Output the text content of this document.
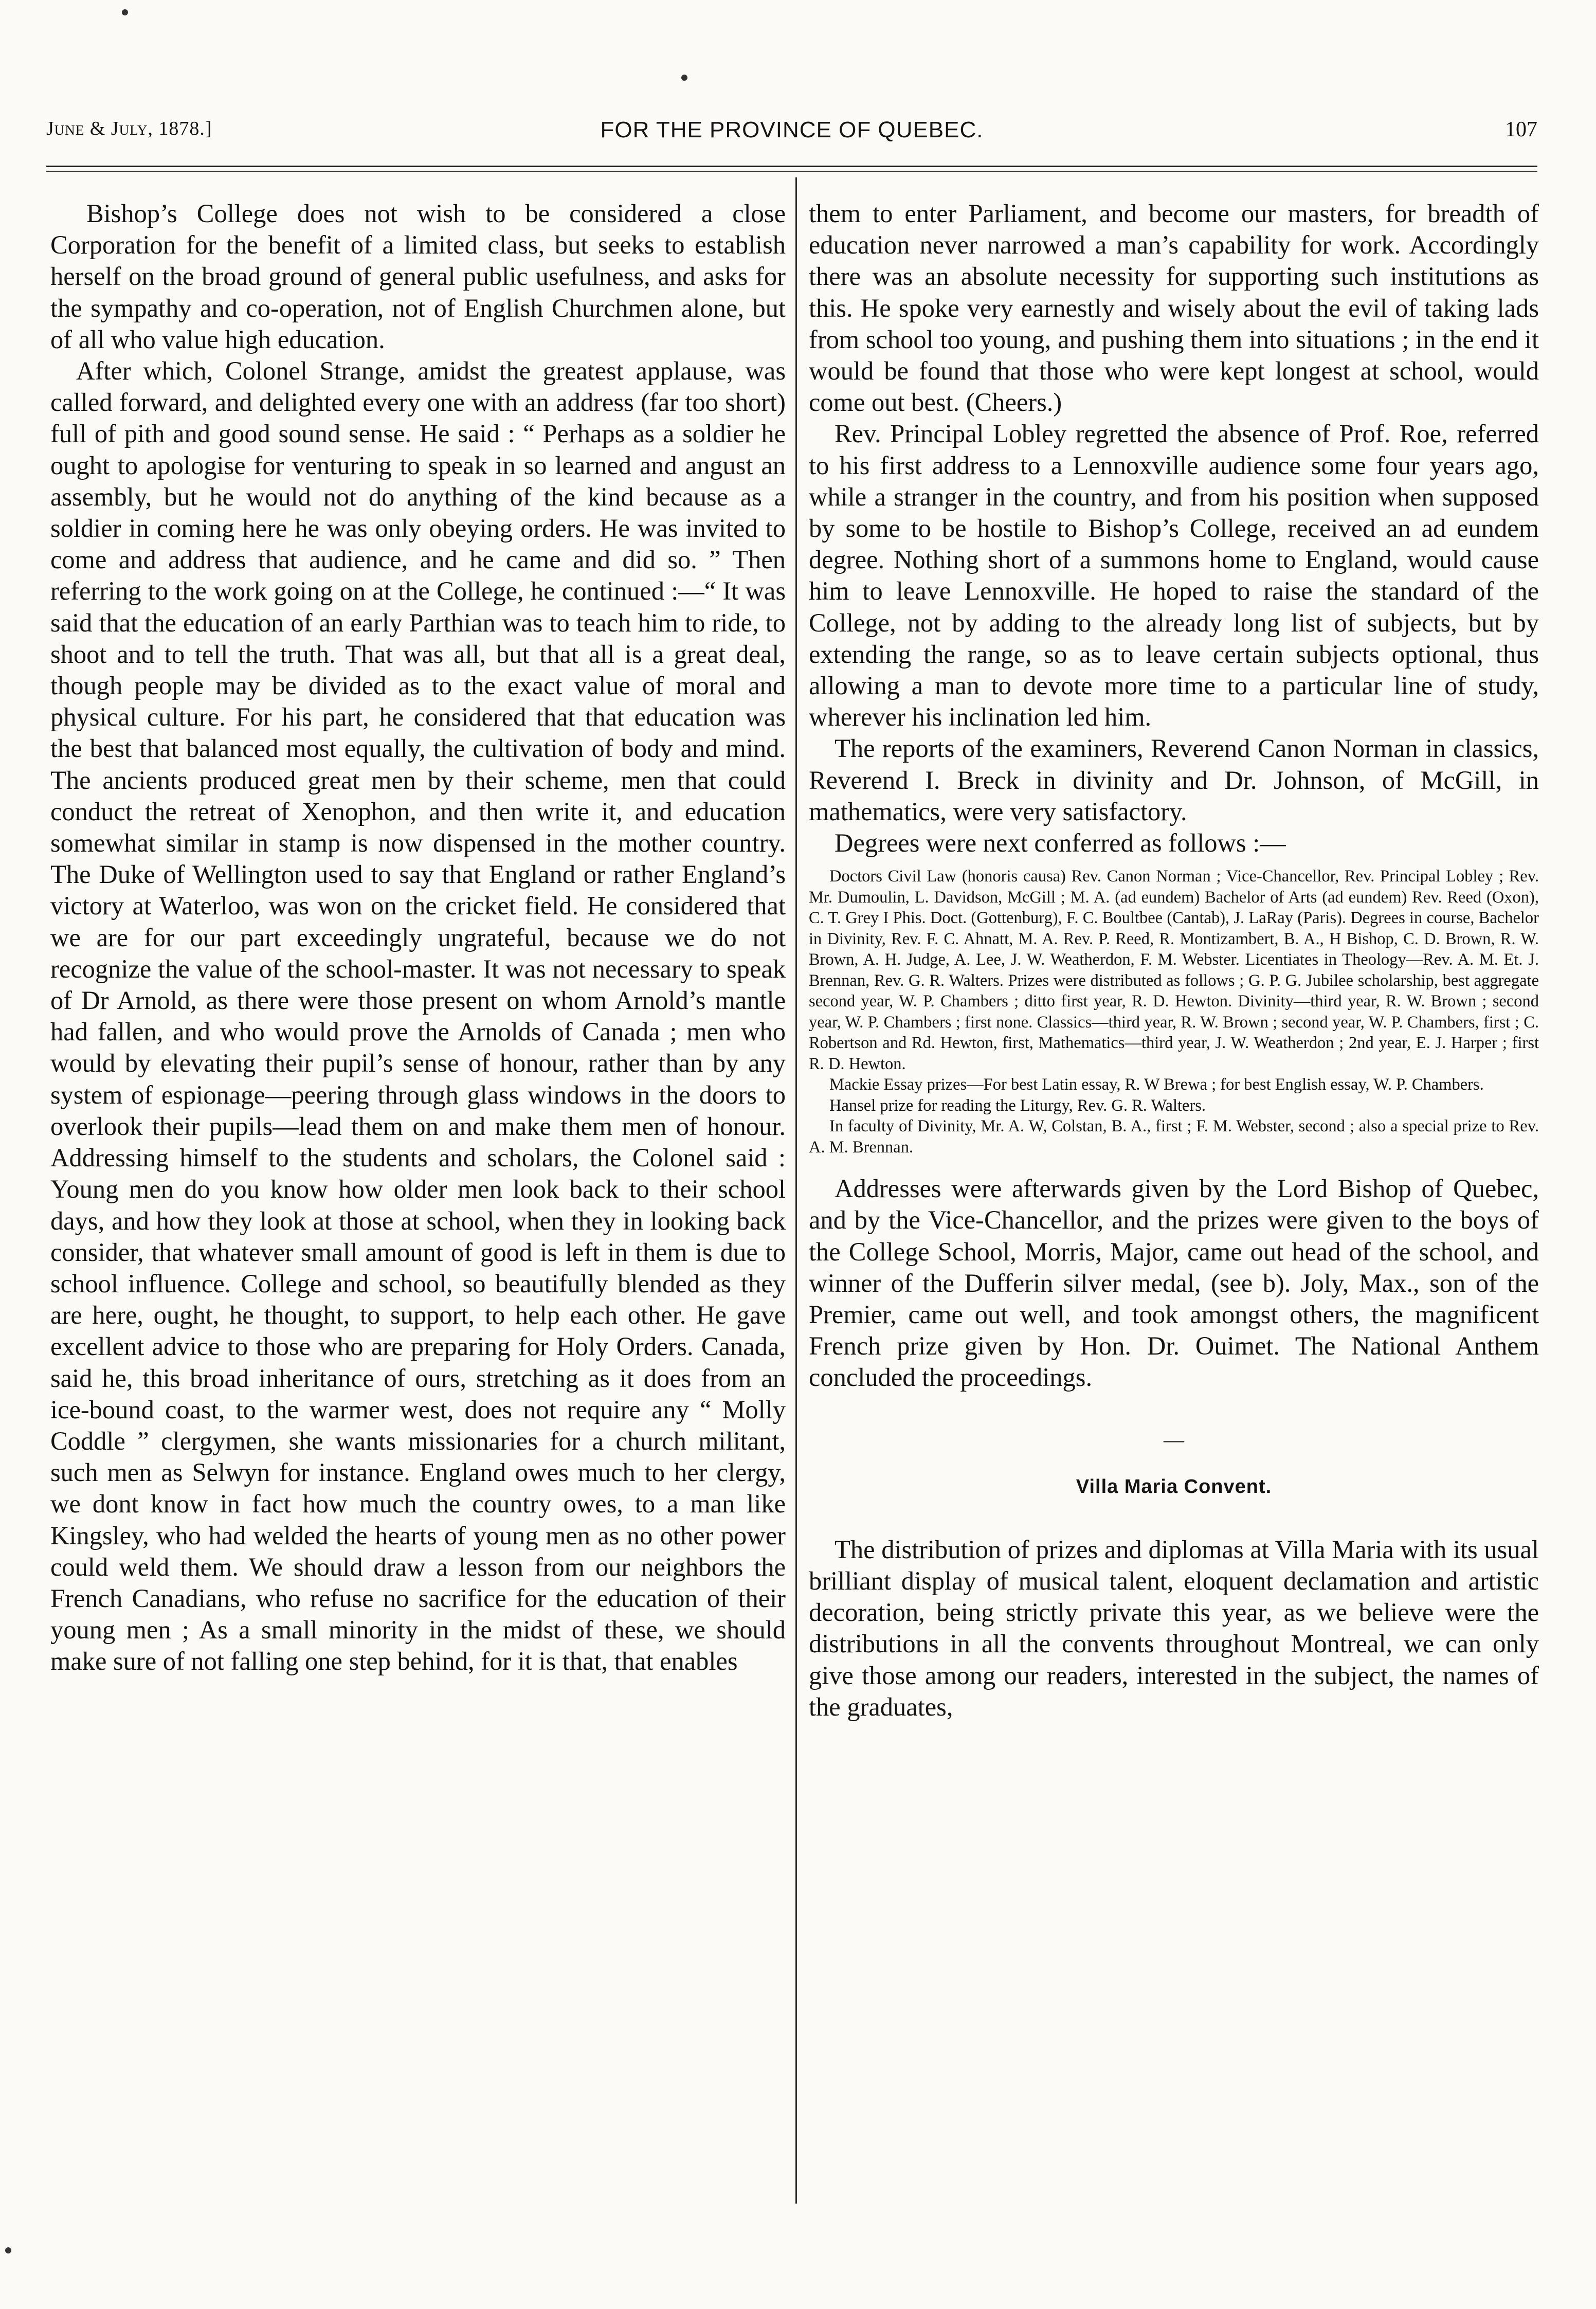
June & July, 1878.]	FOR THE PROVINCE OF QUEBEC.	107

Bishop’s College does not wish to be considered a close Corporation for the benefit of a limited class, but seeks to establish herself on the broad ground of general public usefulness, and asks for the sympathy and co-operation, not of English Churchmen alone, but of all who value high education.

After which, Colonel Strange, amidst the greatest applause, was called forward, and delighted every one with an address (far too short) full of pith and good sound sense. He said : “ Perhaps as a soldier he ought to apologise for venturing to speak in so learned and angust an assembly, but he would not do anything of the kind because as a soldier in coming here he was only obeying orders. He was invited to come and address that audience, and he came and did so. ” Then referring to the work going on at the College, he continued :—“ It was said that the education of an early Parthian was to teach him to ride, to shoot and to tell the truth. That was all, but that all is a great deal, though people may be divided as to the exact value of moral and physical culture. For his part, he considered that that education was the best that balanced most equally, the cultivation of body and mind. The ancients produced great men by their scheme, men that could conduct the retreat of Xenophon, and then write it, and education somewhat similar in stamp is now dispensed in the mother country. The Duke of Wellington used to say that England or rather England’s victory at Waterloo, was won on the cricket field. He considered that we are for our part exceedingly ungrateful, because we do not recognize the value of the school-master. It was not necessary to speak of Dr Arnold, as there were those present on whom Arnold’s mantle had fallen, and who would prove the Arnolds of Canada ; men who would by elevating their pupil’s sense of honour, rather than by any system of espionage—peering through glass windows in the doors to overlook their pupils—lead them on and make them men of honour. Addressing himself to the students and scholars, the Colonel said : Young men do you know how older men look back to their school days, and how they look at those at school, when they in looking back consider, that whatever small amount of good is left in them is due to school influence. College and school, so beautifully blended as they are here, ought, he thought, to support, to help each other. He gave excellent advice to those who are preparing for Holy Orders. Canada, said he, this broad inheritance of ours, stretching as it does from an ice-bound coast, to the warmer west, does not require any “ Molly Coddle ” clergymen, she wants missionaries for a church militant, such men as Selwyn for instance. England owes much to her clergy, we dont know in fact how much the country owes, to a man like Kingsley, who had welded the hearts of young men as no other power could weld them. We should draw a lesson from our neighbors the French Canadians, who refuse no sacrifice for the education of their young men ; As a small minority in the midst of these, we should make sure of not falling one step behind, for it is that, that enables

them to enter Parliament, and become our masters, for breadth of education never narrowed a man’s capability for work. Accordingly there was an absolute necessity for supporting such institutions as this. He spoke very earnestly and wisely about the evil of taking lads from school too young, and pushing them into situations ; in the end it would be found that those who were kept longest at school, would come out best. (Cheers.)

Rev. Principal Lobley regretted the absence of Prof. Roe, referred to his first address to a Lennoxville audience some four years ago, while a stranger in the country, and from his position when supposed by some to be hostile to Bishop’s College, received an ad eundem degree. Nothing short of a summons home to England, would cause him to leave Lennoxville. He hoped to raise the standard of the College, not by adding to the already long list of subjects, but by extending the range, so as to leave certain subjects optional, thus allowing a man to devote more time to a particular line of study, wherever his inclination led him.

The reports of the examiners, Reverend Canon Norman in classics, Reverend I. Breck in divinity and Dr. Johnson, of McGill, in mathematics, were very satisfactory.

Degrees were next conferred as follows :—

Doctors Civil Law (honoris causa) Rev. Canon Norman ; Vice-Chancellor, Rev. Principal Lobley ; Rev. Mr. Dumoulin, L. Davidson, McGill ; M. A. (ad eundem) Bachelor of Arts (ad eundem) Rev. Reed (Oxon), C. T. Grey I Phis. Doct. (Gottenburg), F. C. Boultbee (Cantab), J. LaRay (Paris). Degrees in course, Bachelor in Divinity, Rev. F. C. Ahnatt, M. A. Rev. P. Reed, R. Montizambert, B. A., H Bishop, C. D. Brown, R. W. Brown, A. H. Judge, A. Lee, J. W. Weatherdon, F. M. Webster. Licentiates in Theology—Rev. A. M. Et. J. Brennan, Rev. G. R. Walters. Prizes were distributed as follows ; G. P. G. Jubilee scholarship, best aggregate second year, W. P. Chambers ; ditto first year, R. D. Hewton. Divinity—third year, R. W. Brown ; second year, W. P. Chambers ; first none. Classics—third year, R. W. Brown ; second year, W. P. Chambers, first ; C. Robertson and Rd. Hewton, first, Mathematics—third year, J. W. Weatherdon ; 2nd year, E. J. Harper ; first R. D. Hewton.

Mackie Essay prizes—For best Latin essay, R. W Brewa ; for best English essay, W. P. Chambers.

Hansel prize for reading the Liturgy, Rev. G. R. Walters.

In faculty of Divinity, Mr. A. W, Colstan, B. A., first ; F. M. Webster, second ; also a special prize to Rev. A. M. Brennan.

Addresses were afterwards given by the Lord Bishop of Quebec, and by the Vice-Chancellor, and the prizes were given to the boys of the College School, Morris, Major, came out head of the school, and winner of the Dufferin silver medal, (see b). Joly, Max., son of the Premier, came out well, and took amongst others, the magnificent French prize given by Hon. Dr. Ouimet. The National Anthem concluded the proceedings.

—
Villa Maria Convent.

The distribution of prizes and diplomas at Villa Maria with its usual brilliant display of musical talent, eloquent declamation and artistic decoration, being strictly private this year, as we believe were the distributions in all the convents throughout Montreal, we can only give those among our readers, interested in the subject, the names of the graduates,
